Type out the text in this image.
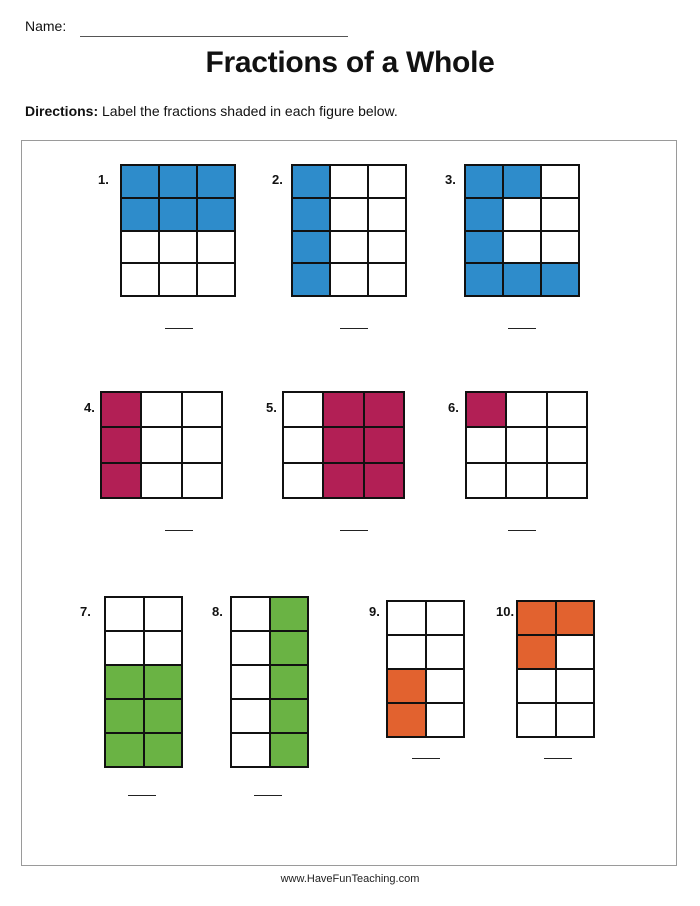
Name:
Fractions of a Whole
Directions: Label the fractions shaded in each figure below.
1.	2.	3.
4.	5.	6.
7.	8.	9.	10.
www.HaveFunTeaching.com
